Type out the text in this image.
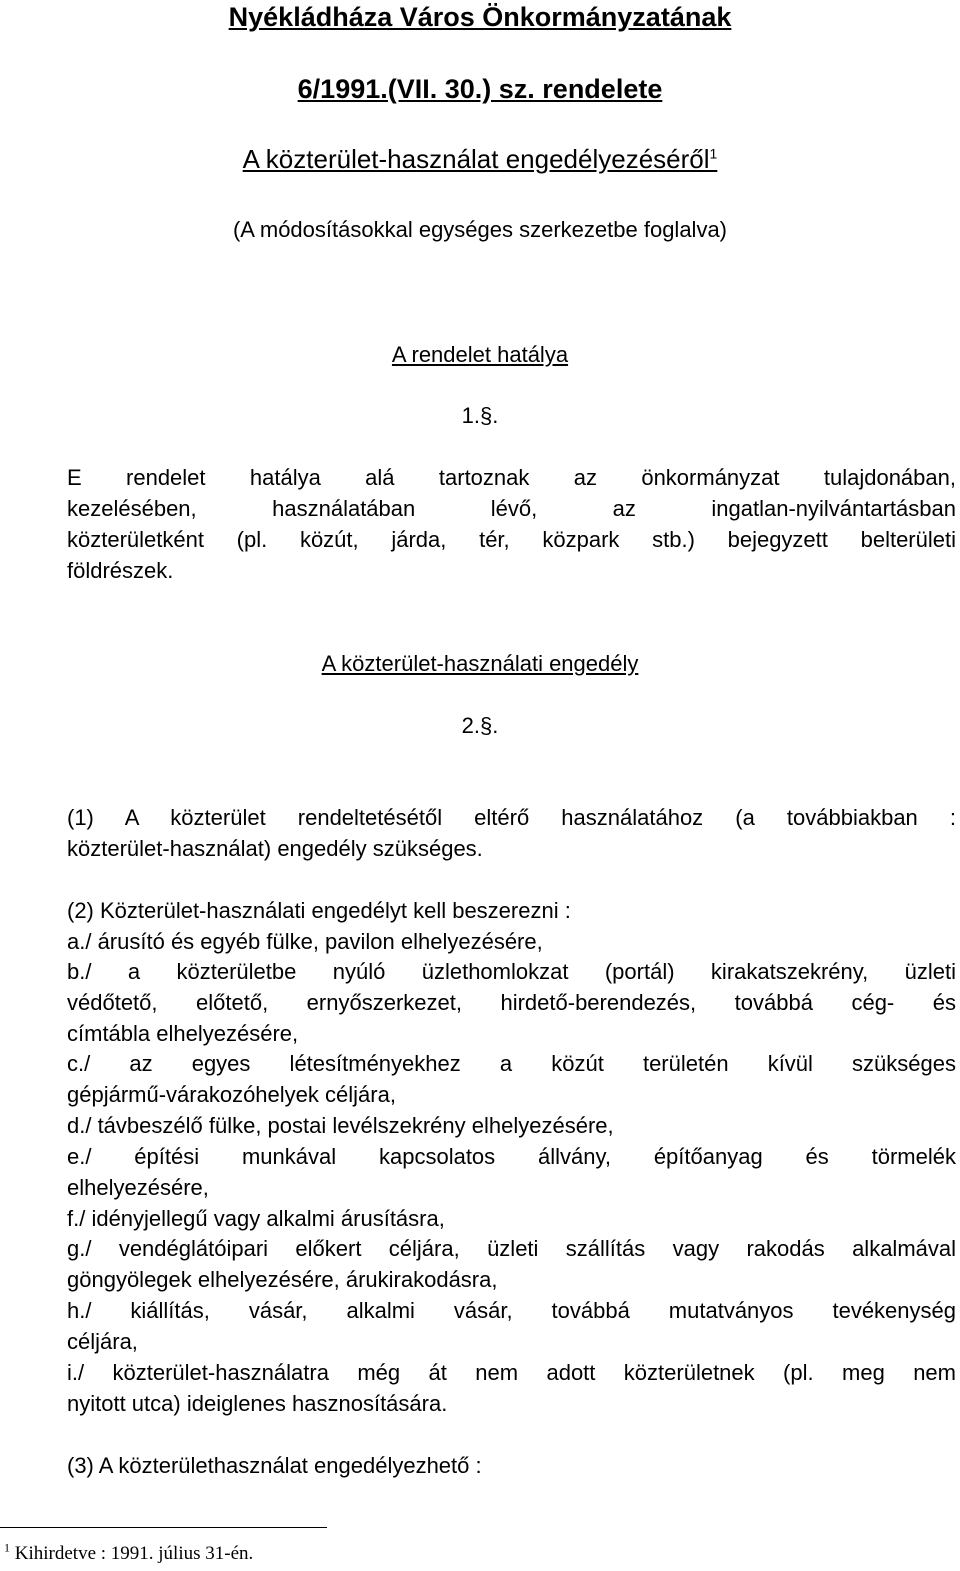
Nyékládháza Város Önkormányzatának
6/1991.(VII. 30.) sz. rendelete
A közterület-használat engedélyezéséről$^1$
(A módosításokkal egységes szerkezetbe foglalva)
A rendelet hatálya
1.§.
E rendelet hatálya alá tartoznak az önkormányzat tulajdonában,
kezelésében, használatában lévő, az ingatlan-nyilvántartásban
közterületként (pl. közút, járda, tér, közpark stb.) bejegyzett belterületi
földrészek.
A közterület-használati engedély
2.§.
(1) A közterület rendeltetésétől eltérő használatához (a továbbiakban :
közterület-használat) engedély szükséges.
(2) Közterület-használati engedélyt kell beszerezni :
a./ árusító és egyéb fülke, pavilon elhelyezésére,
b./ a közterületbe nyúló üzlethomlokzat (portál) kirakatszekrény, üzleti
védőtető, előtető, ernyőszerkezet, hirdető-berendezés, továbbá cég- és
címtábla elhelyezésére,
c./ az egyes létesítményekhez a közút területén kívül szükséges
gépjármű-várakozóhelyek céljára,
d./ távbeszélő fülke, postai levélszekrény elhelyezésére,
e./ építési munkával kapcsolatos állvány, építőanyag és törmelék
elhelyezésére,
f./ idényjellegű vagy alkalmi árusításra,
g./ vendéglátóipari előkert céljára, üzleti szállítás vagy rakodás alkalmával
göngyölegek elhelyezésére, árukirakodásra,
h./ kiállítás, vásár, alkalmi vásár, továbbá mutatványos tevékenység
céljára,
i./ közterület-használatra még át nem adott közterületnek (pl. meg nem
nyitott utca) ideiglenes hasznosítására.
(3) A közterülethasználat engedélyezhető :
$^1$ Kihirdetve : 1991. július 31-én.
